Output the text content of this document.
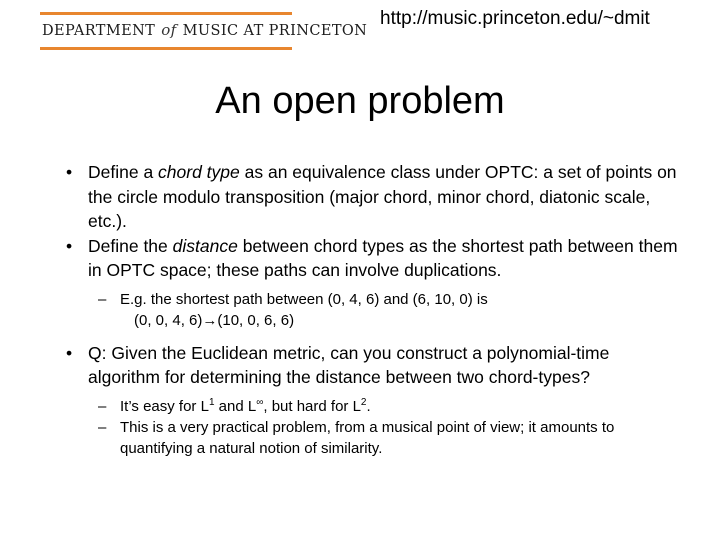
DEPARTMENT of MUSIC AT PRINCETON
http://music.princeton.edu/~dmit
An open problem
• Define a chord type as an equivalence class under OPTC: a set of points on the circle modulo transposition (major chord, minor chord, diatonic scale, etc.).
• Define the distance between chord types as the shortest path between them in OPTC space; these paths can involve duplications.
– E.g. the shortest path between (0, 4, 6) and (6, 10, 0) is
(0, 0, 4, 6)→(10, 0, 6, 6)
• Q: Given the Euclidean metric, can you construct a polynomial-time algorithm for determining the distance between two chord-types?
– It’s easy for $L^1$ and L∞, but hard for $L^2$.
– This is a very practical problem, from a musical point of view; it amounts to quantifying a natural notion of similarity.
